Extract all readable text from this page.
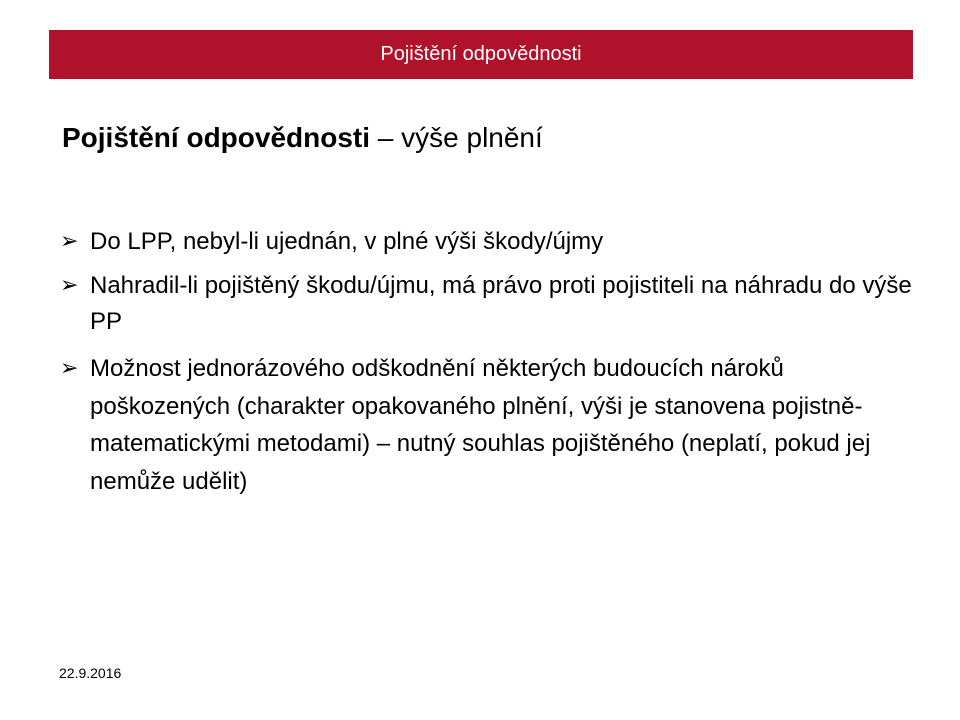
Pojištění odpovědnosti
Pojištění odpovědnosti – výše plnění
➢ Do LPP, nebyl-li ujednán, v plné výši škody/újmy
➢ Nahradil-li pojištěný škodu/újmu, má právo proti pojistiteli na náhradu do výše PP
➢ Možnost jednorázového odškodnění některých budoucích nároků poškozených (charakter opakovaného plnění, výši je stanovena pojistně-matematickými metodami) – nutný souhlas pojištěného (neplatí, pokud jej nemůže udělit)
22.9.2016
